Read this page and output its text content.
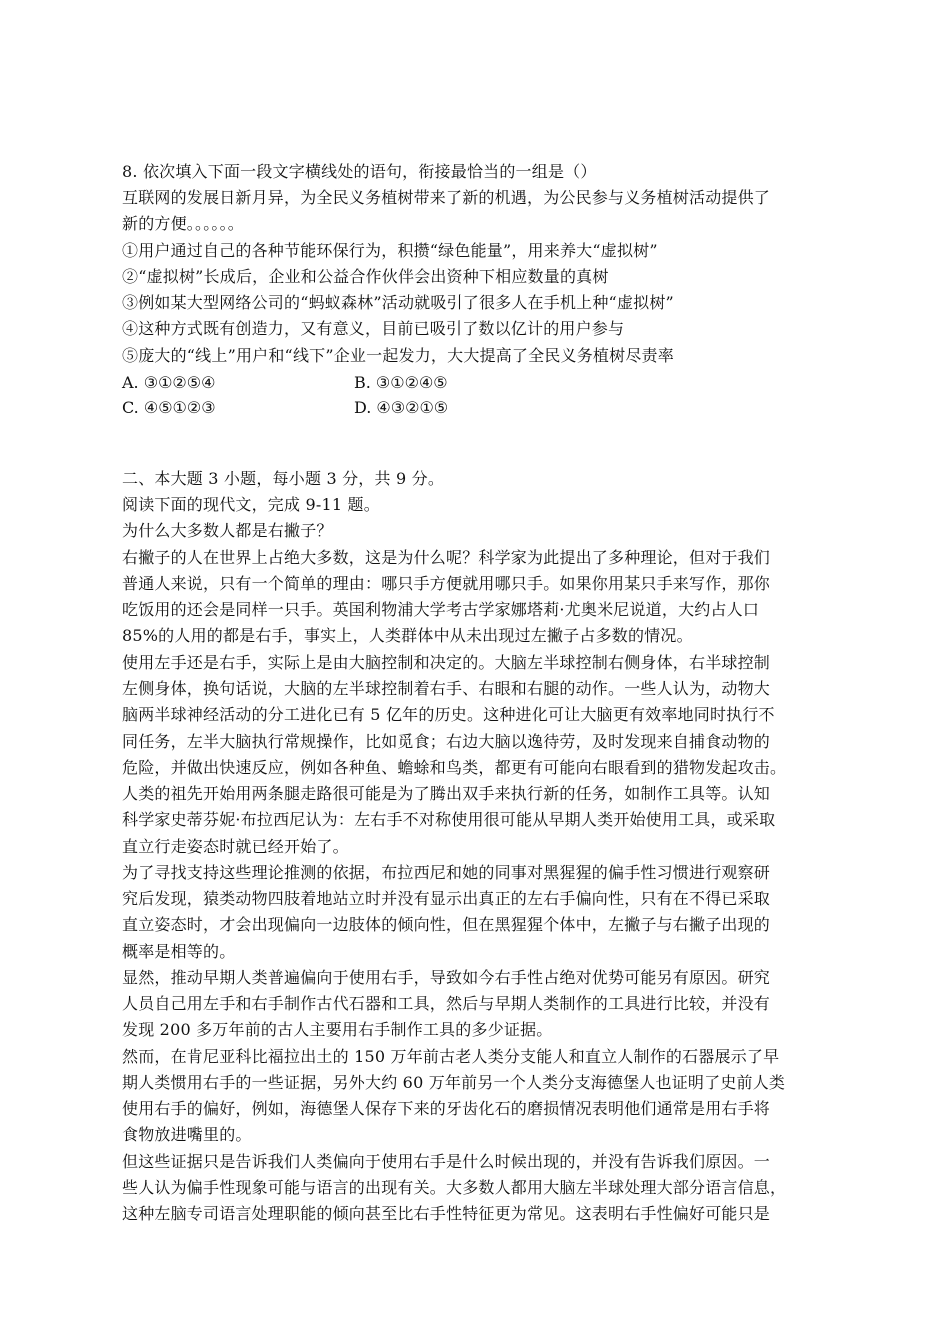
8. 依次填入下面一段文字横线处的语句，衔接最恰当的一组是（）
互联网的发展日新月异，为全民义务植树带来了新的机遇，为公民参与义务植树活动提供了
新的方便。。。。。。
①用户通过自己的各种节能环保行为，积攒“绿色能量”，用来养大“虚拟树”
②“虚拟树”长成后，企业和公益合作伙伴会出资种下相应数量的真树
③例如某大型网络公司的“蚂蚁森林”活动就吸引了很多人在手机上种“虚拟树”
④这种方式既有创造力，又有意义，目前已吸引了数以亿计的用户参与
⑤庞大的“线上”用户和“线下”企业一起发力，大大提高了全民义务植树尽责率
A. ③①②⑤④	B. ③①②④⑤
C. ④⑤①②③	D. ④③②①⑤
二、本大题 3 小题，每小题 3 分，共 9 分。
阅读下面的现代文，完成 9-11 题。
为什么大多数人都是右撇子？
右撇子的人在世界上占绝大多数，这是为什么呢？科学家为此提出了多种理论，但对于我们
普通人来说，只有一个简单的理由：哪只手方便就用哪只手。如果你用某只手来写作，那你
吃饭用的还会是同样一只手。英国利物浦大学考古学家娜塔莉·尤奥米尼说道，大约占人口
85%的人用的都是右手，事实上，人类群体中从未出现过左撇子占多数的情况。
使用左手还是右手，实际上是由大脑控制和决定的。大脑左半球控制右侧身体，右半球控制
左侧身体，换句话说，大脑的左半球控制着右手、右眼和右腿的动作。一些人认为，动物大
脑两半球神经活动的分工进化已有 5 亿年的历史。这种进化可让大脑更有效率地同时执行不
同任务，左半大脑执行常规操作，比如觅食；右边大脑以逸待劳，及时发现来自捕食动物的
危险，并做出快速反应，例如各种鱼、蟾蜍和鸟类，都更有可能向右眼看到的猎物发起攻击。
人类的祖先开始用两条腿走路很可能是为了腾出双手来执行新的任务，如制作工具等。认知
科学家史蒂芬妮·布拉西尼认为：左右手不对称使用很可能从早期人类开始使用工具，或采取
直立行走姿态时就已经开始了。
为了寻找支持这些理论推测的依据，布拉西尼和她的同事对黑猩猩的偏手性习惯进行观察研
究后发现，猿类动物四肢着地站立时并没有显示出真正的左右手偏向性，只有在不得已采取
直立姿态时，才会出现偏向一边肢体的倾向性，但在黑猩猩个体中，左撇子与右撇子出现的
概率是相等的。
显然，推动早期人类普遍偏向于使用右手，导致如今右手性占绝对优势可能另有原因。研究
人员自己用左手和右手制作古代石器和工具，然后与早期人类制作的工具进行比较，并没有
发现 200 多万年前的古人主要用右手制作工具的多少证据。
然而，在肯尼亚科比福拉出土的 150 万年前古老人类分支能人和直立人制作的石器展示了早
期人类惯用右手的一些证据，另外大约 60 万年前另一个人类分支海德堡人也证明了史前人类
使用右手的偏好，例如，海德堡人保存下来的牙齿化石的磨损情况表明他们通常是用右手将
食物放进嘴里的。
但这些证据只是告诉我们人类偏向于使用右手是什么时候出现的，并没有告诉我们原因。一
些人认为偏手性现象可能与语言的出现有关。大多数人都用大脑左半球处理大部分语言信息，
这种左脑专司语言处理职能的倾向甚至比右手性特征更为常见。这表明右手性偏好可能只是
